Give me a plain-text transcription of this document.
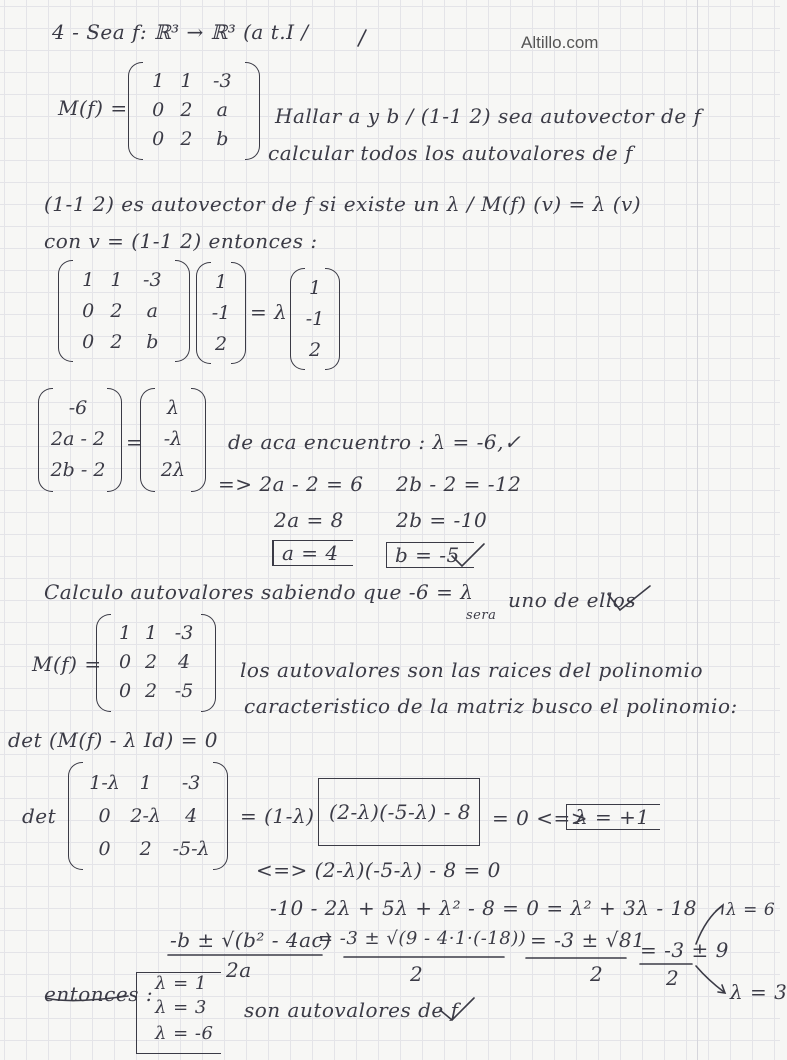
Altillo.com
4 - Sea f: ℝ³ → ℝ³ (a t.I /
M(f) =
1	1	-3
0	2	a
0	2	b
Hallar a y b / (1-1 2) sea autovector de f
calcular todos los autovalores de f
(1-1 2) es autovector de f si existe un λ / M(f) (v) = λ (v)
con v = (1-1 2) entonces :
1	1	-3
0	2	a
0	2	b
1
-1
2
= λ
1
-1
2
-6
2a - 2
2b - 2
=
λ
-λ
2λ
de aca encuentro : λ = -6,✓
=> 2a - 2 = 6 2b - 2 = -12
2a = 8	2b = -10
a = 4	b = -5
Calculo autovalores sabiendo que -6 = λ
sera
uno de ellos
M(f) =
1	1	-3
0	2	4
0	2	-5
los autovalores son las raices del polinomio
caracteristico de la matriz busco el polinomio:
det (M(f) - λ Id) = 0
det
1-λ	1	-3
0	2-λ	4
0	2	-5-λ
= (1-λ) (2-λ)(-5-λ) - 8	= 0 <=>
λ = +1
<=> (2-λ)(-5-λ) - 8 = 0
-10 - 2λ + 5λ + λ² - 8 = 0 = λ² + 3λ - 18
-b ± √(b² - 4ac)
2a
= -3 ± √(9 - 4·1·(-18))
2
= -3 ± √81
2
= -3 ± 9
2
λ = 6
λ = 3
entonces : λ = 1
λ = 3
λ = -6
son autovalores de f
